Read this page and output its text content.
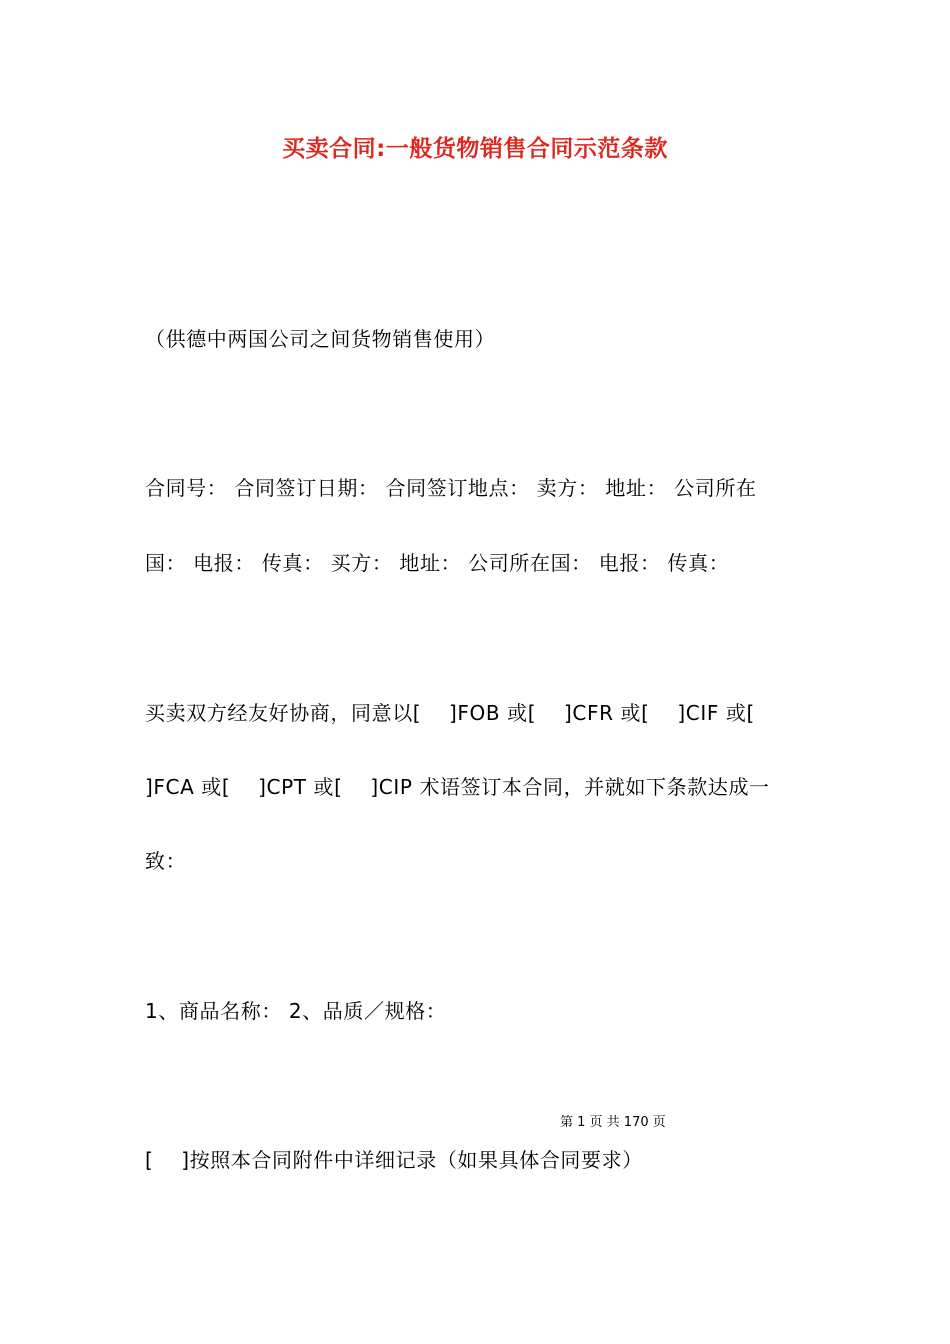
买卖合同:一般货物销售合同示范条款
（供德中两国公司之间货物销售使用）
合同号： 合同签订日期： 合同签订地点： 卖方： 地址： 公司所在
国： 电报： 传真： 买方： 地址： 公司所在国： 电报： 传真：
买卖双方经友好协商，同意以[    ]FOB 或[    ]CFR 或[    ]CIF 或[
]FCA 或[    ]CPT 或[    ]CIP 术语签订本合同，并就如下条款达成一
致：
1、商品名称： 2、品质／规格：
第 1 页 共 170 页
[    ]按照本合同附件中详细记录（如果具体合同要求）
